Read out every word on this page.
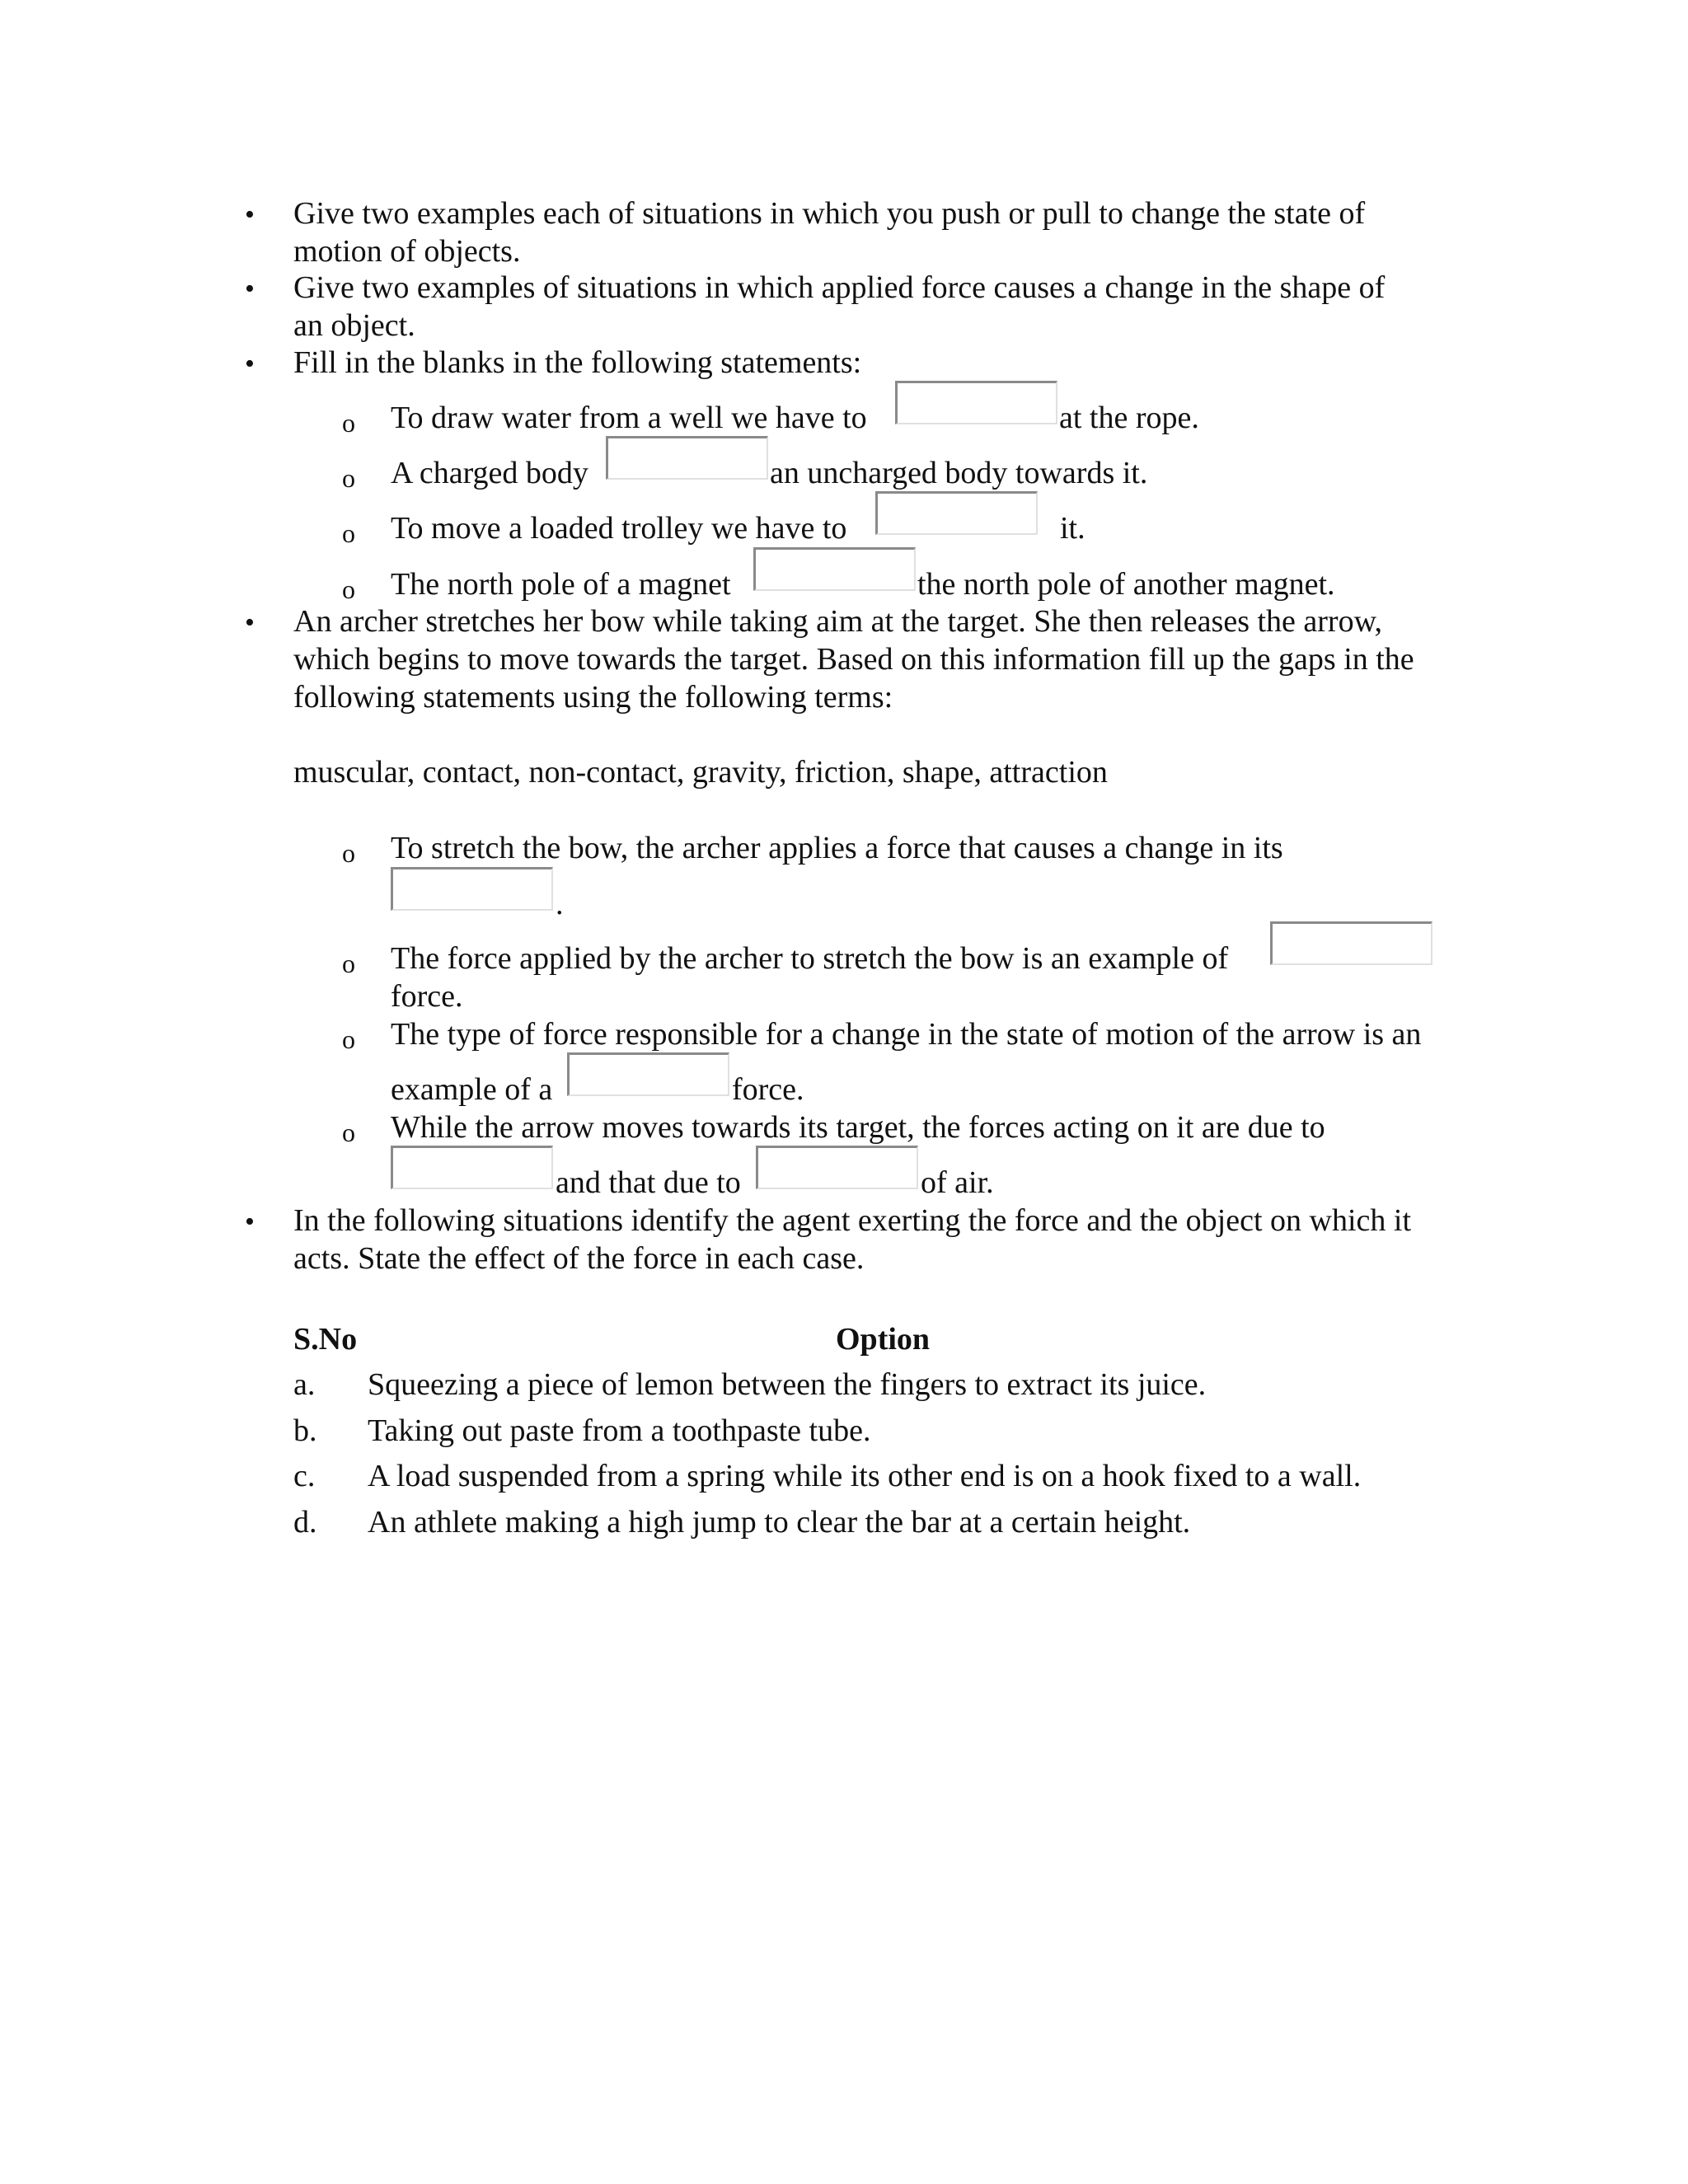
• Give two examples each of situations in which you push or pull to change the state of
motion of objects.
• Give two examples of situations in which applied force causes a change in the shape of
an object.
• Fill in the blanks in the following statements:
o To draw water from a well we have to	at the rope.
o A charged body	an uncharged body towards it.
o To move a loaded trolley we have to	it.
o The north pole of a magnet	the north pole of another magnet.
• An archer stretches her bow while taking aim at the target. She then releases the arrow,
which begins to move towards the target. Based on this information fill up the gaps in the
following statements using the following terms:
muscular, contact, non-contact, gravity, friction, shape, attraction
o To stretch the bow, the archer applies a force that causes a change in its
.
o The force applied by the archer to stretch the bow is an example of
force.
o The type of force responsible for a change in the state of motion of the arrow is an
example of a	force.
o While the arrow moves towards its target, the forces acting on it are due to
and that due to	of air.
• In the following situations identify the agent exerting the force and the object on which it
acts. State the effect of the force in each case.
S.No	Option
a. Squeezing a piece of lemon between the fingers to extract its juice.
b. Taking out paste from a toothpaste tube.
c. A load suspended from a spring while its other end is on a hook fixed to a wall.
d. An athlete making a high jump to clear the bar at a certain height.
